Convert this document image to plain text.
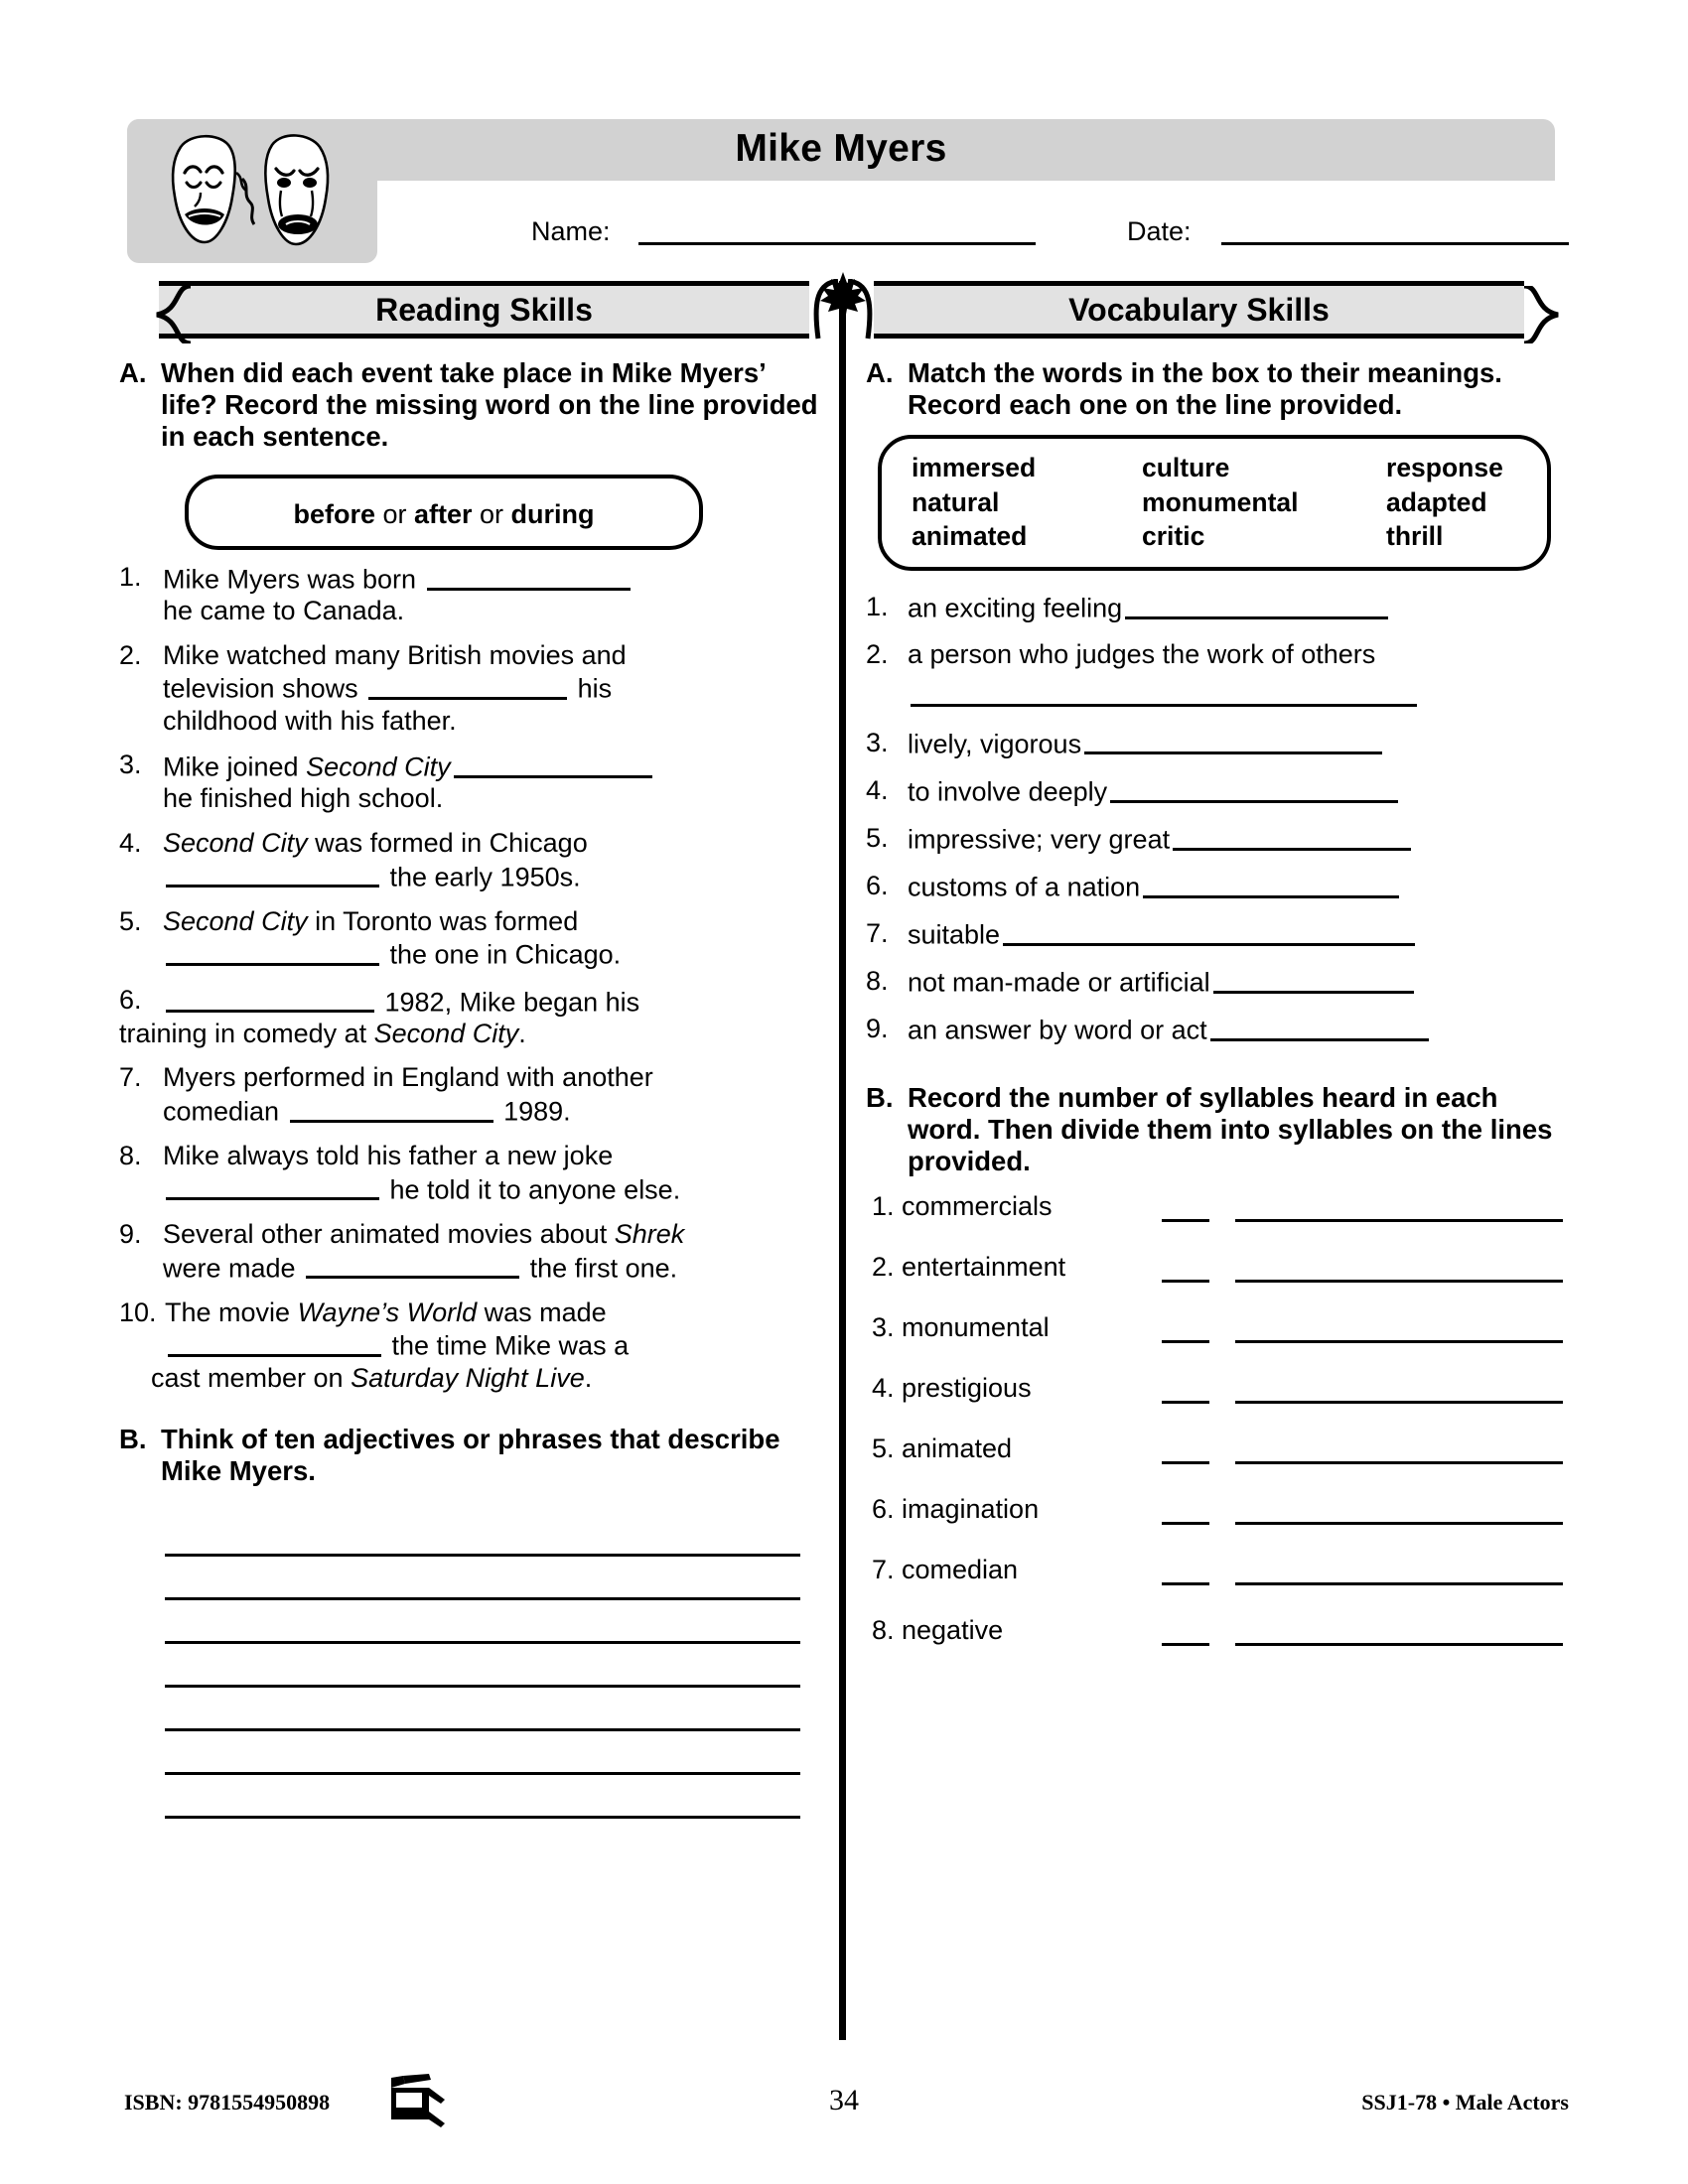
Mike Myers
Name:	Date:
Reading Skills	Vocabulary Skills
A. When did each event take place in Mike Myers’ life? Record the missing word on the line provided in each sentence.
before or after or during
1. Mike Myers was born
he came to Canada.
2. Mike watched many British movies and
television shows	his
childhood with his father.
3. Mike joined Second City
he finished high school.
4. Second City was formed in Chicago
the early 1950s.
5. Second City in Toronto was formed
the one in Chicago.
6.	1982, Mike began his
training in comedy at Second City.
7. Myers performed in England with another
comedian	1989.
8. Mike always told his father a new joke
he told it to anyone else.
9. Several other animated movies about Shrek
were made	the first one.
10. The movie Wayne’s World was made
the time Mike was a
cast member on Saturday Night Live.
B. Think of ten adjectives or phrases that describe Mike Myers.
A. Match the words in the box to their meanings. Record each one on the line provided.
immersed	culture	response
natural	monumental	adapted
animated	critic	thrill
1. an exciting feeling
2. a person who judges the work of others

3. lively, vigorous
4. to involve deeply
5. impressive; very great
6. customs of a nation
7. suitable
8. not man-made or artificial
9. an answer by word or act
B. Record the number of syllables heard in each word. Then divide them into syllables on the lines provided.
1. commercials
2. entertainment
3. monumental
4. prestigious
5. animated
6. imagination
7. comedian
8. negative
ISBN: 9781554950898	34	SSJ1-78 • Male Actors
